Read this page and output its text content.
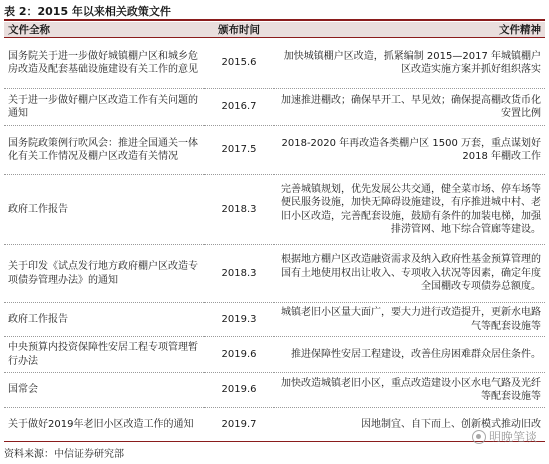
表 2：2015 年以来相关政策文件
文件全称	颁布时间	文件精神
国务院关于进一步做好城镇棚户区和城乡危房改造及配套基础设施建设有关工作的意见	2015.6	加快城镇棚户区改造，抓紧编制 2015—2017 年城镇棚户区改造实施方案并抓好组织落实
关于进一步做好棚户区改造工作有关问题的通知	2016.7	加速推进棚改；确保早开工、早见效；确保提高棚改货币化安置比例
国务院政策例行吹风会：推进全国通关一体化有关工作情况及棚户区改造有关情况	2017.5	2018-2020 年再改造各类棚户区 1500 万套，重点谋划好 2018 年棚改工作
政府工作报告	2018.3	完善城镇规划，优先发展公共交通，健全菜市场、停车场等便民服务设施，加快无障碍设施建设，有序推进城中村、老旧小区改造，完善配套设施，鼓励有条件的加装电梯，加强排涝管网、地下综合管廊等建设。
关于印发《试点发行地方政府棚户区改造专项债券管理办法》的通知	2018.3	根据地方棚户区改造融资需求及纳入政府性基金预算管理的国有土地使用权出让收入、专项收入状况等因素，确定年度全国棚改专项债券总额度。
政府工作报告	2019.3	城镇老旧小区量大面广，要大力进行改造提升，更新水电路气等配套设施等
中央预算内投资保障性安居工程专项管理暂行办法	2019.6	推进保障性安居工程建设，改善住房困难群众居住条件。
国常会	2019.6	加快改造城镇老旧小区，重点改造建设小区水电气路及光纤等配套设施等
关于做好2019年老旧小区改造工作的通知	2019.7	因地制宜、自下而上、创新模式推动旧改
资料来源：中信证券研究部
明晚笔谈
